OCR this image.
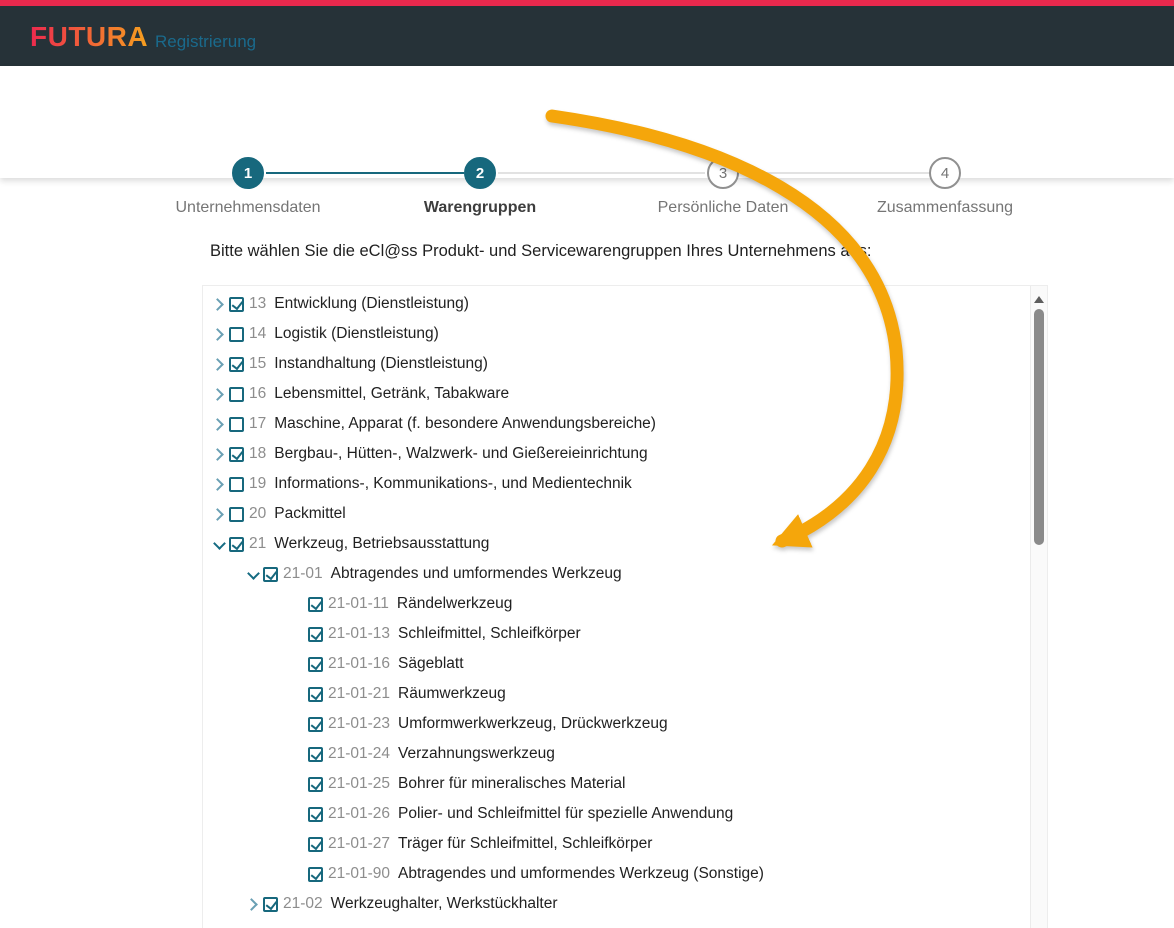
FUTURA Registrierung
1
Unternehmensdaten
2
Warengruppen
3
Persönliche Daten
4
Zusammenfassung
Bitte wählen Sie die eCl@ss Produkt- und Servicewarengruppen Ihres Unternehmens aus:
13 Entwicklung (Dienstleistung)
14 Logistik (Dienstleistung)
15 Instandhaltung (Dienstleistung)
16 Lebensmittel, Getränk, Tabakware
17 Maschine, Apparat (f. besondere Anwendungsbereiche)
18 Bergbau-, Hütten-, Walzwerk- und Gießereieinrichtung
19 Informations-, Kommunikations-, und Medientechnik
20 Packmittel
21 Werkzeug, Betriebsausstattung
21-01 Abtragendes und umformendes Werkzeug
21-01-11 Rändelwerkzeug
21-01-13 Schleifmittel, Schleifkörper
21-01-16 Sägeblatt
21-01-21 Räumwerkzeug
21-01-23 Umformwerkwerkzeug, Drückwerkzeug
21-01-24 Verzahnungswerkzeug
21-01-25 Bohrer für mineralisches Material
21-01-26 Polier- und Schleifmittel für spezielle Anwendung
21-01-27 Träger für Schleifmittel, Schleifkörper
21-01-90 Abtragendes und umformendes Werkzeug (Sonstige)
21-02 Werkzeughalter, Werkstückhalter
